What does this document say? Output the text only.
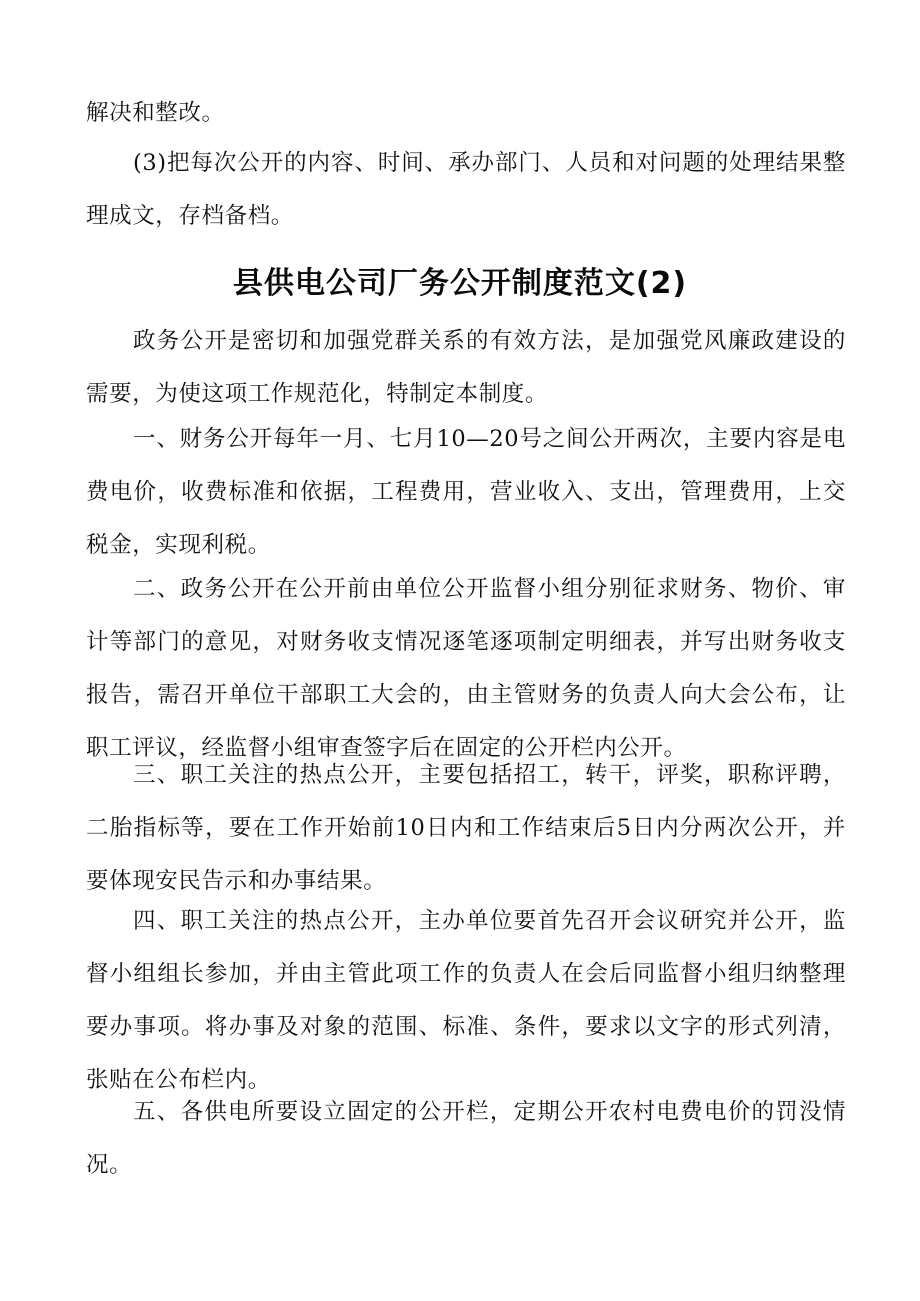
解决和整改。

(3)把每次公开的内容、时间、承办部门、人员和对问题的处理结果整理成文，存档备档。

县供电公司厂务公开制度范文(2)

政务公开是密切和加强党群关系的有效方法，是加强党风廉政建设的需要，为使这项工作规范化，特制定本制度。

一、财务公开每年一月、七月10—20号之间公开两次，主要内容是电费电价，收费标准和依据，工程费用，营业收入、支出，管理费用，上交税金，实现利税。

二、政务公开在公开前由单位公开监督小组分别征求财务、物价、审计等部门的意见，对财务收支情况逐笔逐项制定明细表，并写出财务收支报告，需召开单位干部职工大会的，由主管财务的负责人向大会公布，让职工评议，经监督小组审查签字后在固定的公开栏内公开。

三、职工关注的热点公开，主要包括招工，转干，评奖，职称评聘，二胎指标等，要在工作开始前10日内和工作结束后5日内分两次公开，并要体现安民告示和办事结果。

四、职工关注的热点公开，主办单位要首先召开会议研究并公开，监督小组组长参加，并由主管此项工作的负责人在会后同监督小组归纳整理要办事项。将办事及对象的范围、标准、条件，要求以文字的形式列清，张贴在公布栏内。

五、各供电所要设立固定的公开栏，定期公开农村电费电价的罚没情况。
